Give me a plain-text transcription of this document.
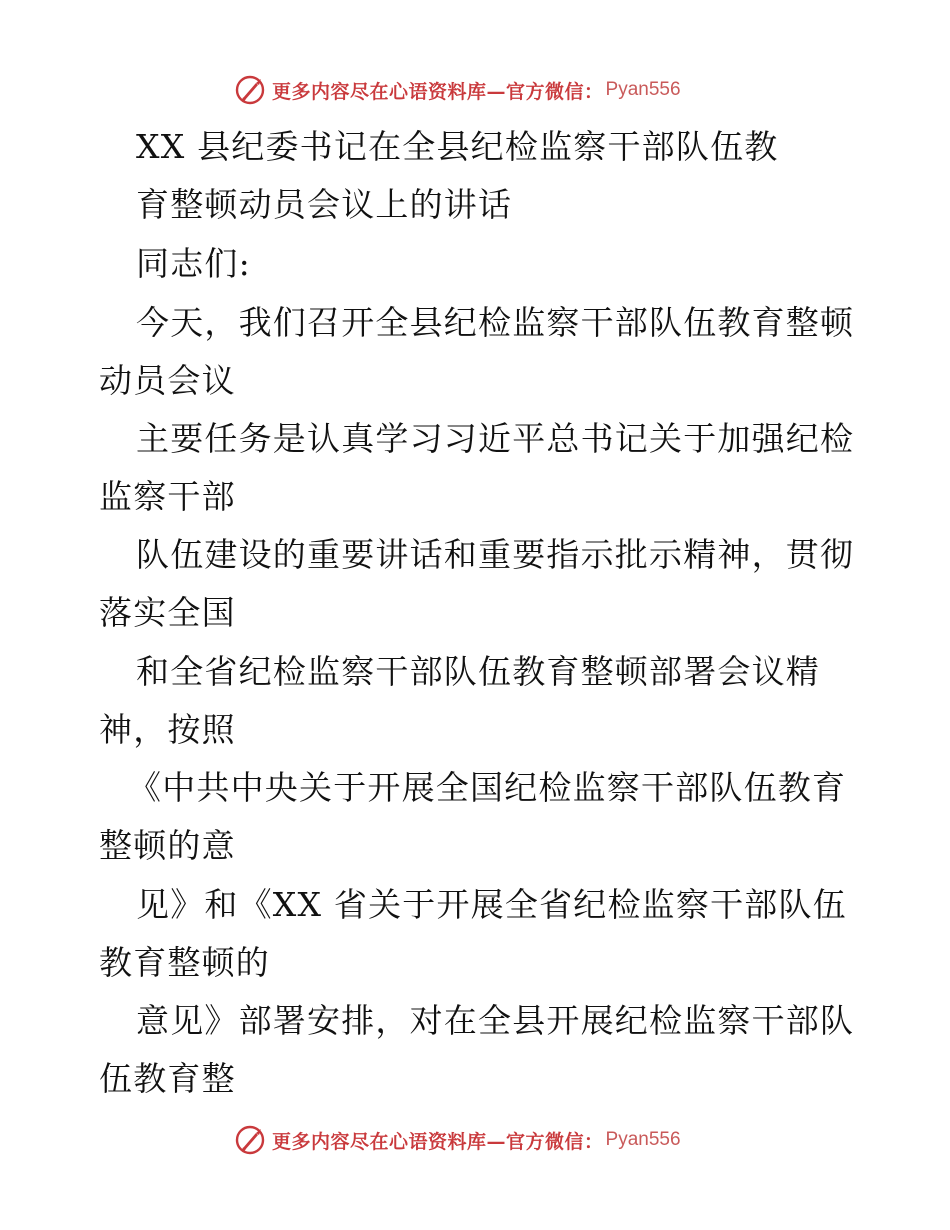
更多内容尽在心语资料库—官方微信： Pyan556
XX 县纪委书记在全县纪检监察干部队伍教
育整顿动员会议上的讲话
同志们:
今天，我们召开全县纪检监察干部队伍教育整顿
动员会议
主要任务是认真学习习近平总书记关于加强纪检
监察干部
队伍建设的重要讲话和重要指示批示精神，贯彻
落实全国
和全省纪检监察干部队伍教育整顿部署会议精
神，按照
《中共中央关于开展全国纪检监察干部队伍教育
整顿的意
见》和《XX 省关于开展全省纪检监察干部队伍
教育整顿的
意见》部署安排，对在全县开展纪检监察干部队
伍教育整
更多内容尽在心语资料库—官方微信： Pyan556
